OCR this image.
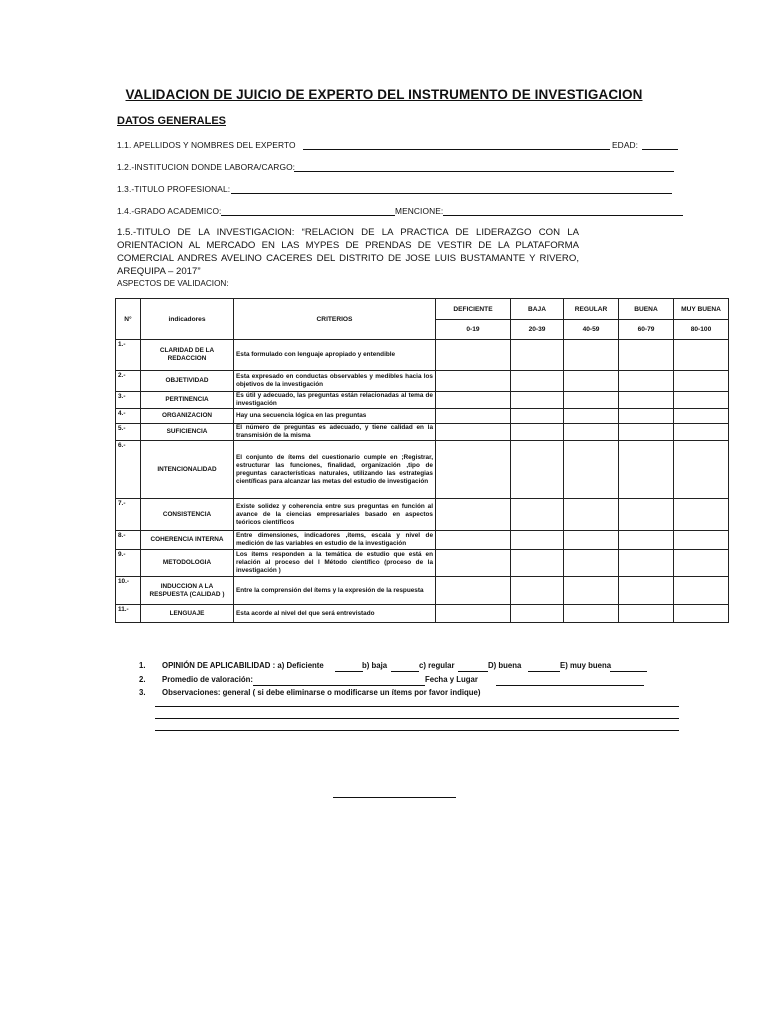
VALIDACION DE JUICIO DE EXPERTO DEL INSTRUMENTO DE INVESTIGACION
DATOS GENERALES
1.1. APELLIDOS Y NOMBRES DEL EXPERTO	EDAD:
1.2.-INSTITUCION DONDE LABORA/CARGO:
1.3.-TITULO PROFESIONAL:
1.4.-GRADO ACADEMICO:	MENCIONE:
1.5.-TITULO DE LA INVESTIGACION: “RELACION DE LA PRACTICA DE LIDERAZGO CON LA ORIENTACION AL MERCADO EN LAS MYPES DE PRENDAS DE VESTIR DE LA PLATAFORMA COMERCIAL ANDRES AVELINO CACERES DEL DISTRITO DE JOSE LUIS BUSTAMANTE Y RIVERO, AREQUIPA – 2017”
ASPECTOS DE VALIDACION:
N°	indicadores	CRITERIOS	DEFICIENTE	BAJA	REGULAR	BUENA	MUY BUENA
			0-19	20-39	40-59	60-79	80-100
1.-	CLARIDAD DE LA REDACCION	Esta formulado con lenguaje apropiado y entendible					
2.-	OBJETIVIDAD	Esta expresado en conductas observables y medibles hacia los objetivos de la investigación					
3.-	PERTINENCIA	Es útil y adecuado, las preguntas están relacionadas al tema de investigación					
4.-	ORGANIZACION	Hay una secuencia lógica en las preguntas					
5.-	SUFICIENCIA	El número de preguntas es adecuado, y tiene calidad en la transmisión de la misma					
6.-	INTENCIONALIDAD	El conjunto de ítems del cuestionario cumple en ;Registrar, estructurar las funciones, finalidad, organización ,tipo de preguntas características naturales, utilizando las estrategias científicas para alcanzar las metas del estudio de investigación					
7.-	CONSISTENCIA	Existe solidez y coherencia entre sus preguntas en función al avance de la ciencias empresariales basado en aspectos teóricos científicos					
8.-	COHERENCIA INTERNA	Entre dimensiones, indicadores ,ítems, escala y nivel de medición de las variables en estudio de la investigación					
9.-	METODOLOGIA	Los ítems responden a la temática de estudio que está en relación al proceso del l Método científico (proceso de la investigación )					
10.-	INDUCCION A LA RESPUESTA (CALIDAD )	Entre la comprensión del ítems y la expresión de la respuesta					
11.-	LENGUAJE	Esta acorde al nivel del que será entrevistado					
1. OPINIÓN DE APLICABILIDAD : a) Deficiente	b) baja	c) regular	D) buena	E) muy buena
2. Promedio de valoración:	Fecha y Lugar
3. Observaciones: general ( si debe eliminarse o modificarse un ítems por favor indique)
